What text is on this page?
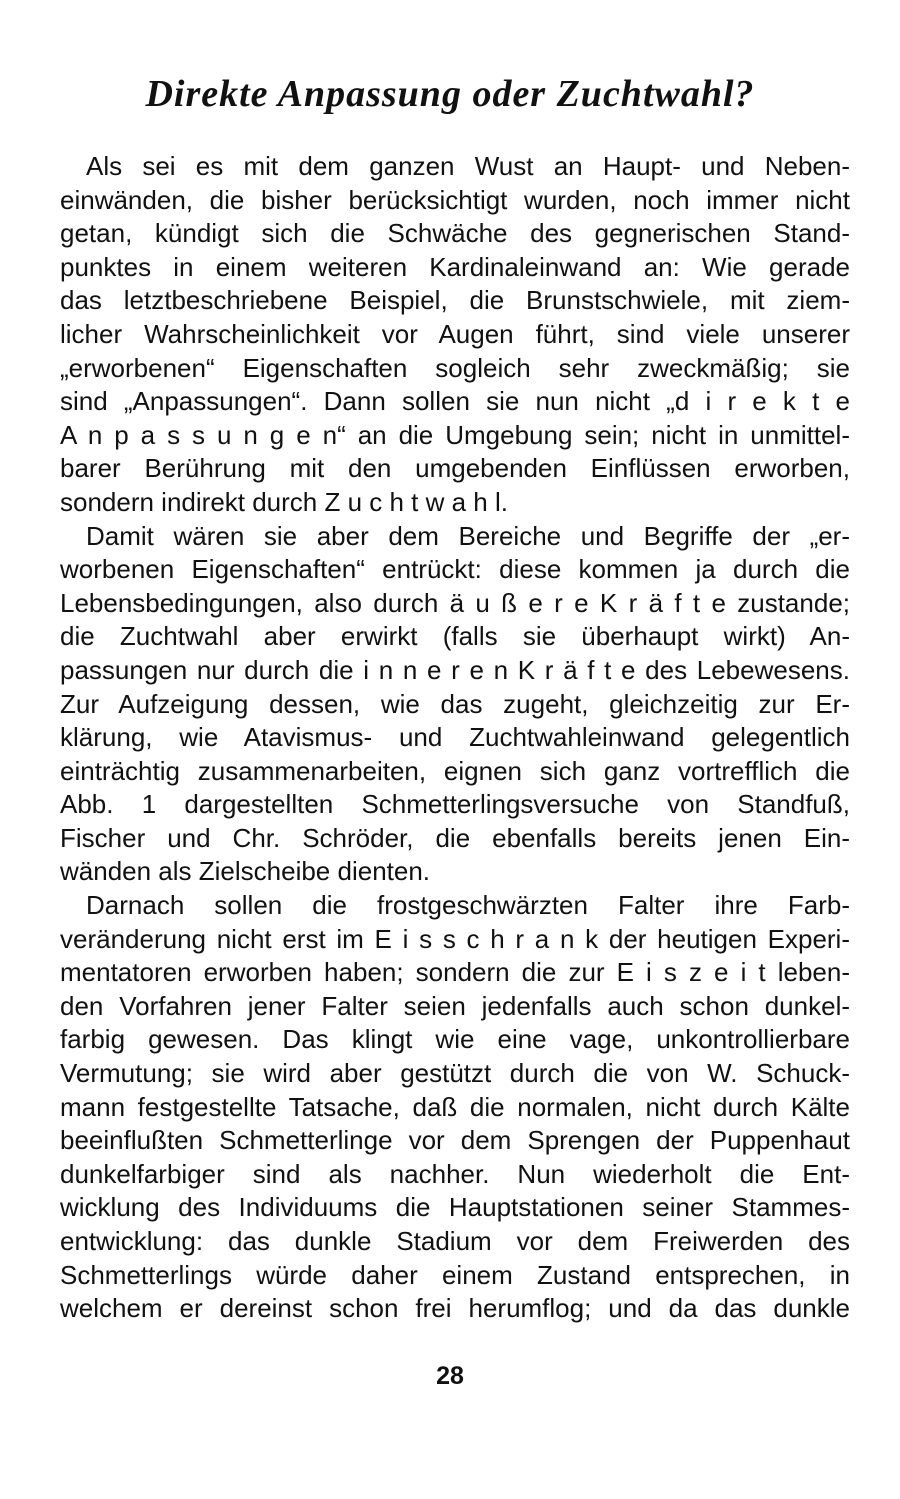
Direkte Anpassung oder Zuchtwahl?
Als sei es mit dem ganzen Wust an Haupt- und Neben-
einwänden, die bisher berücksichtigt wurden, noch immer nicht
getan, kündigt sich die Schwäche des gegnerischen Stand-
punktes in einem weiteren Kardinaleinwand an: Wie gerade
das letztbeschriebene Beispiel, die Brunstschwiele, mit ziem-
licher Wahrscheinlichkeit vor Augen führt, sind viele unserer
„erworbenen“ Eigenschaften sogleich sehr zweckmäßig; sie
sind „Anpassungen“. Dann sollen sie nun nicht „d i r e k t e
A n p a s s u n g e n“ an die Umgebung sein; nicht in unmittel-
barer Berührung mit den umgebenden Einflüssen erworben,
sondern indirekt durch Z u c h t w a h l.
Damit wären sie aber dem Bereiche und Begriffe der „er-
worbenen Eigenschaften“ entrückt: diese kommen ja durch die
Lebensbedingungen, also durch ä u ß e r e K r ä f t e zustande;
die Zuchtwahl aber erwirkt (falls sie überhaupt wirkt) An-
passungen nur durch die i n n e r e n K r ä f t e des Lebewesens.
Zur Aufzeigung dessen, wie das zugeht, gleichzeitig zur Er-
klärung, wie Atavismus- und Zuchtwahleinwand gelegentlich
einträchtig zusammenarbeiten, eignen sich ganz vortrefflich die
Abb. 1 dargestellten Schmetterlingsversuche von Standfuß,
Fischer und Chr. Schröder, die ebenfalls bereits jenen Ein-
wänden als Zielscheibe dienten.
Darnach sollen die frostgeschwärzten Falter ihre Farb-
veränderung nicht erst im E i s s c h r a n k der heutigen Experi-
mentatoren erworben haben; sondern die zur E i s z e i t leben-
den Vorfahren jener Falter seien jedenfalls auch schon dunkel-
farbig gewesen. Das klingt wie eine vage, unkontrollierbare
Vermutung; sie wird aber gestützt durch die von W. Schuck-
mann festgestellte Tatsache, daß die normalen, nicht durch Kälte
beeinflußten Schmetterlinge vor dem Sprengen der Puppenhaut
dunkelfarbiger sind als nachher. Nun wiederholt die Ent-
wicklung des Individuums die Hauptstationen seiner Stammes-
entwicklung: das dunkle Stadium vor dem Freiwerden des
Schmetterlings würde daher einem Zustand entsprechen, in
welchem er dereinst schon frei herumflog; und da das dunkle
28
